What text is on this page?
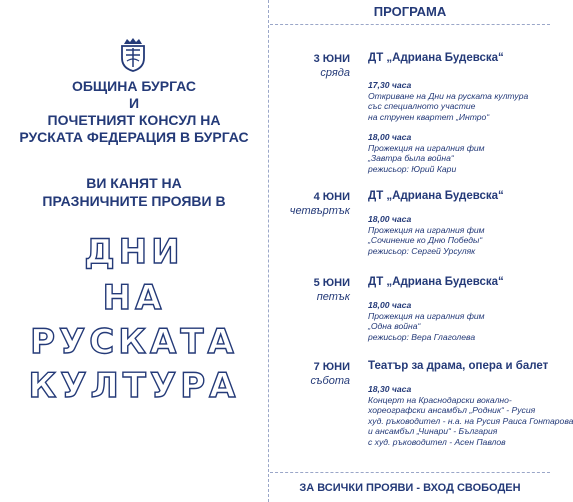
ОБЩИНА БУРГАС
И
ПОЧЕТНИЯТ КОНСУЛ НА
РУСКАТА ФЕДЕРАЦИЯ В БУРГАС
ВИ КАНЯТ НА
ПРАЗНИЧНИТЕ ПРОЯВИ В
ДНИ
НА
РУСКАТА
КУЛТУРА
ПРОГРАМА
3 ЮНИ
сряда
ДТ „Адриана Будевска“
17,30 часа
Откриване на Дни на руската култура
със специалното участие
на струнен квартет „Интро“
18,00 часа
Прожекция на игралния фим
„Завтра была война“
режисьор: Юрий Кари
4 ЮНИ
четвъртък
ДТ „Адриана Будевска“
18,00 часа
Прожекция на игралния фим
„Сочинение ко Дню Победы“
режисьор: Сергей Урсуляк
5 ЮНИ
петък
ДТ „Адриана Будевска“
18,00 часа
Прожекция на игралния фим
„Одна война“
режисьор: Вера Глаголева
7 ЮНИ
събота
Театър за драма, опера и балет
18,30 часа
Концерт на Краснодарски вокално-
хореографски ансамбъл „Родник“ - Русия
худ. ръководител - н.а. на Русия Раиса Гонтарова
и ансамбъл „Чинари“ - България
с худ. ръководител - Асен Павлов
ЗА ВСИЧКИ ПРОЯВИ - ВХОД СВОБОДЕН
